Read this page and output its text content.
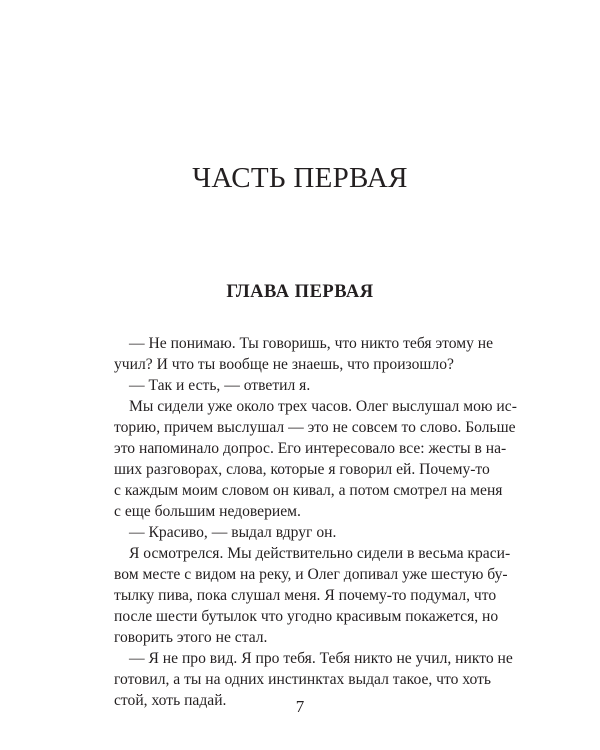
ЧАСТЬ ПЕРВАЯ
ГЛАВА ПЕРВАЯ
— Не понимаю. Ты говоришь, что никто тебя этому не
учил? И что ты вообще не знаешь, что произошло?
— Так и есть, — ответил я.
Мы сидели уже около трех часов. Олег выслушал мою ис-
торию, причем выслушал — это не совсем то слово. Больше
это напоминало допрос. Его интересовало все: жесты в на-
ших разговорах, слова, которые я говорил ей. Почему-то
с каждым моим словом он кивал, а потом смотрел на меня
с еще большим недоверием.
— Красиво, — выдал вдруг он.
Я осмотрелся. Мы действительно сидели в весьма краси-
вом месте с видом на реку, и Олег допивал уже шестую бу-
тылку пива, пока слушал меня. Я почему-то подумал, что
после шести бутылок что угодно красивым покажется, но
говорить этого не стал.
— Я не про вид. Я про тебя. Тебя никто не учил, никто не
готовил, а ты на одних инстинктах выдал такое, что хоть
стой, хоть падай.	7
